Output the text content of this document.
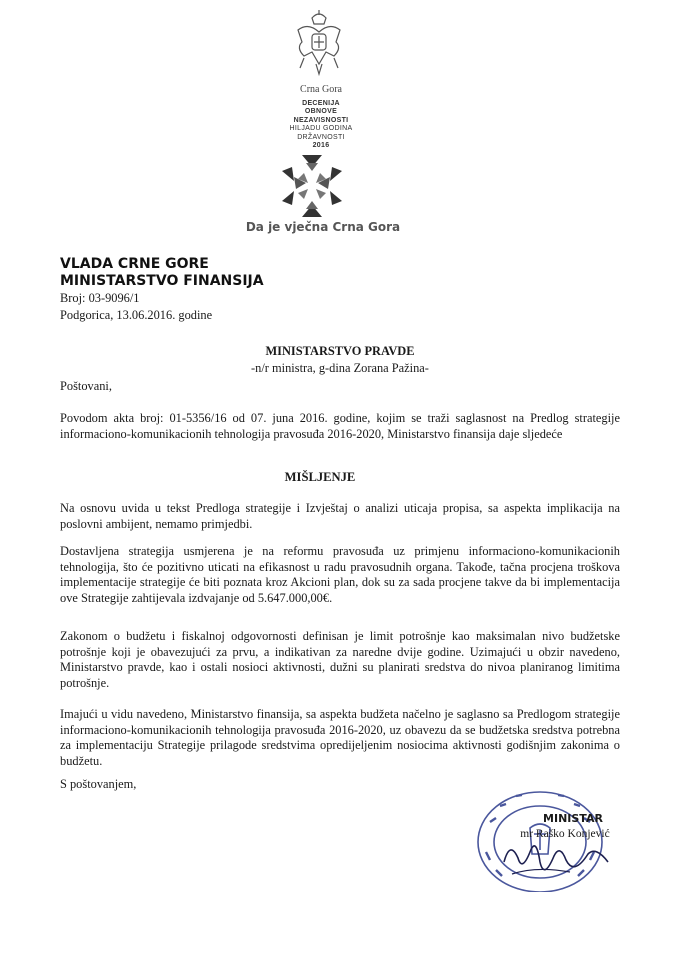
Crna Gora
DECENIJA
OBNOVE
NEZAVISNOSTI
HILJADU GODINA
DRŽAVNOSTI
2016
Da je vječna Crna Gora
VLADA CRNE GORE
MINISTARSTVO FINANSIJA
Broj: 03-9096/1
Podgorica, 13.06.2016. godine
MINISTARSTVO PRAVDE
-n/r ministra, g-dina Zorana Pažina-
Poštovani,
Povodom akta broj: 01-5356/16 od 07. juna 2016. godine, kojim se traži saglasnost na Predlog strategije informaciono-komunikacionih tehnologija pravosuđa 2016-2020, Ministarstvo finansija daje sljedeće
MIŠLJENJE
Na osnovu uvida u tekst Predloga strategije i Izvještaj o analizi uticaja propisa, sa aspekta implikacija na poslovni ambijent, nemamo primjedbi.
Dostavljena strategija usmjerena je na reformu pravosuđa uz primjenu informaciono-komunikacionih tehnologija, što će pozitivno uticati na efikasnost u radu pravosudnih organa. Takođe, tačna procjena troškova implementacije strategije će biti poznata kroz Akcioni plan, dok su za sada procjene takve da bi implementacija ove Strategije zahtijevala izdvajanje od 5.647.000,00€.
Zakonom o budžetu i fiskalnoj odgovornosti definisan je limit potrošnje kao maksimalan nivo budžetske potrošnje koji je obavezujući za prvu, a indikativan za naredne dvije godine. Uzimajući u obzir navedeno, Ministarstvo pravde, kao i ostali nosioci aktivnosti, dužni su planirati sredstva do nivoa planiranog limitima potrošnje.
Imajući u vidu navedeno, Ministarstvo finansija, sa aspekta budžeta načelno je saglasno sa Predlogom strategije informaciono-komunikacionih tehnologija pravosuđa 2016-2020, uz obavezu da se budžetska sredstva potrebna za implementaciju Strategije prilagode sredstvima opredijeljenim nosiocima aktivnosti godišnjim zakonima o budžetu.
S poštovanjem,
MINISTAR
mr Raško Konjević
